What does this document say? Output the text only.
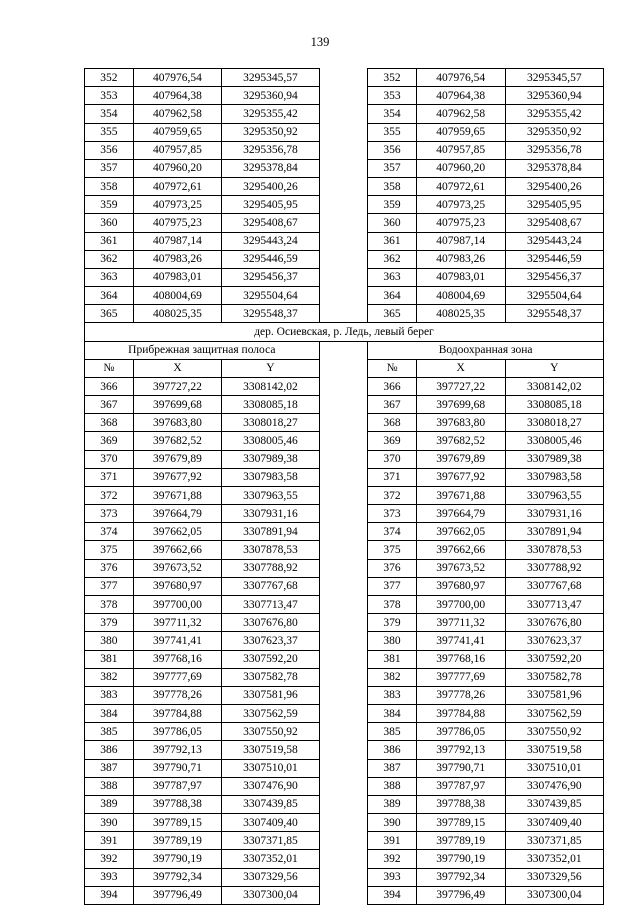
139
352	407976,54	3295345,57		352	407976,54	3295345,57
353	407964,38	3295360,94		353	407964,38	3295360,94
354	407962,58	3295355,42		354	407962,58	3295355,42
355	407959,65	3295350,92		355	407959,65	3295350,92
356	407957,85	3295356,78		356	407957,85	3295356,78
357	407960,20	3295378,84		357	407960,20	3295378,84
358	407972,61	3295400,26		358	407972,61	3295400,26
359	407973,25	3295405,95		359	407973,25	3295405,95
360	407975,23	3295408,67		360	407975,23	3295408,67
361	407987,14	3295443,24		361	407987,14	3295443,24
362	407983,26	3295446,59		362	407983,26	3295446,59
363	407983,01	3295456,37		363	407983,01	3295456,37
364	408004,69	3295504,64		364	408004,69	3295504,64
365	408025,35	3295548,37		365	408025,35	3295548,37
дер. Осиевская, р. Ледь, левый берег						
Прибрежная защитная полоса				Водоохранная зона		
№	X	Y		№	X	Y
366	397727,22	3308142,02		366	397727,22	3308142,02
367	397699,68	3308085,18		367	397699,68	3308085,18
368	397683,80	3308018,27		368	397683,80	3308018,27
369	397682,52	3308005,46		369	397682,52	3308005,46
370	397679,89	3307989,38		370	397679,89	3307989,38
371	397677,92	3307983,58		371	397677,92	3307983,58
372	397671,88	3307963,55		372	397671,88	3307963,55
373	397664,79	3307931,16		373	397664,79	3307931,16
374	397662,05	3307891,94		374	397662,05	3307891,94
375	397662,66	3307878,53		375	397662,66	3307878,53
376	397673,52	3307788,92		376	397673,52	3307788,92
377	397680,97	3307767,68		377	397680,97	3307767,68
378	397700,00	3307713,47		378	397700,00	3307713,47
379	397711,32	3307676,80		379	397711,32	3307676,80
380	397741,41	3307623,37		380	397741,41	3307623,37
381	397768,16	3307592,20		381	397768,16	3307592,20
382	397777,69	3307582,78		382	397777,69	3307582,78
383	397778,26	3307581,96		383	397778,26	3307581,96
384	397784,88	3307562,59		384	397784,88	3307562,59
385	397786,05	3307550,92		385	397786,05	3307550,92
386	397792,13	3307519,58		386	397792,13	3307519,58
387	397790,71	3307510,01		387	397790,71	3307510,01
388	397787,97	3307476,90		388	397787,97	3307476,90
389	397788,38	3307439,85		389	397788,38	3307439,85
390	397789,15	3307409,40		390	397789,15	3307409,40
391	397789,19	3307371,85		391	397789,19	3307371,85
392	397790,19	3307352,01		392	397790,19	3307352,01
393	397792,34	3307329,56		393	397792,34	3307329,56
394	397796,49	3307300,04		394	397796,49	3307300,04
